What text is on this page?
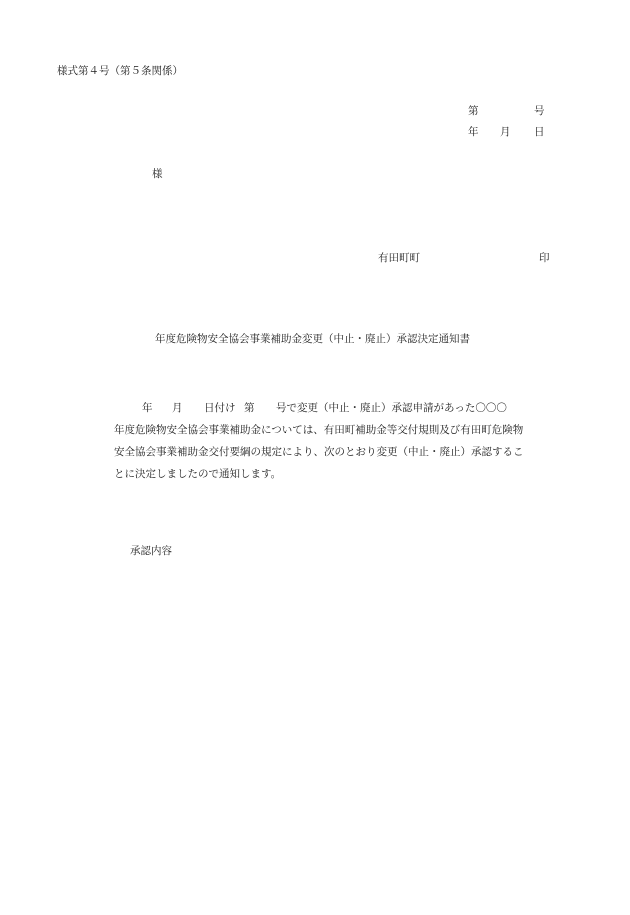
様式第４号（第５条関係）
第	号
年 月 日
様
有田町町	印
年度危険物安全協会事業補助金変更（中止・廃止）承認決定通知書
年 月 日付け 第 号で変更（中止・廃止）承認申請があった〇〇〇
年度危険物安全協会事業補助金については、有田町補助金等交付規則及び有田町危険物
安全協会事業補助金交付要綱の規定により、次のとおり変更（中止・廃止）承認するこ
とに決定しましたので通知します。
承認内容
